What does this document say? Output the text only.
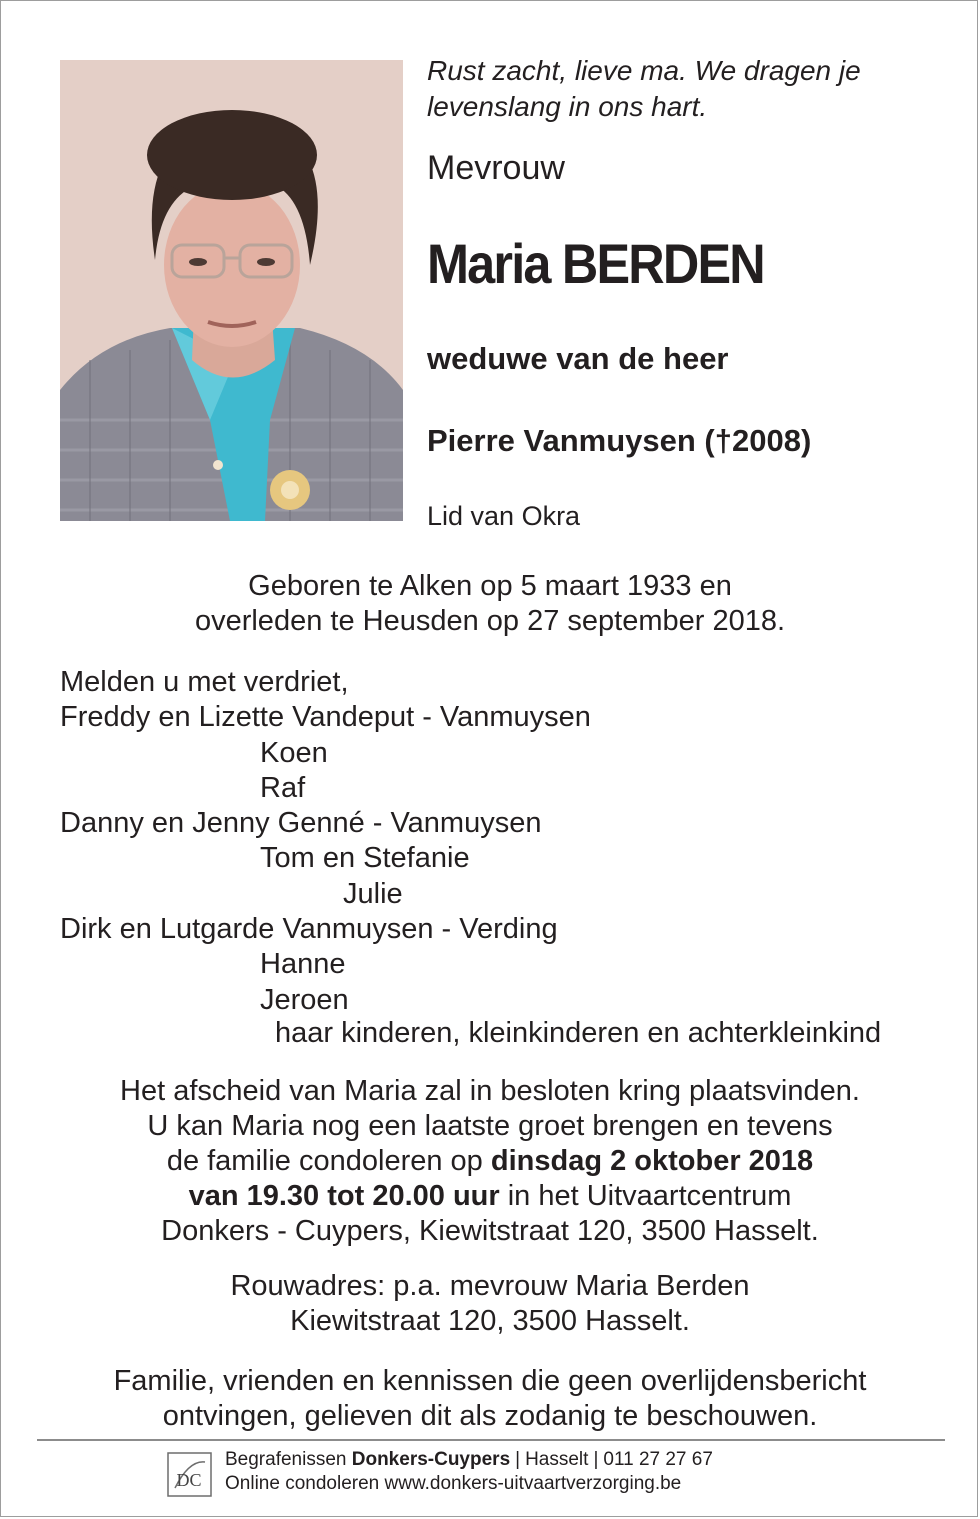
Rust zacht, lieve ma. We dragen je
levenslang in ons hart.

Mevrouw
Maria BERDEN
weduwe van de heer
Pierre Vanmuysen (†2008)
Lid van Okra
Geboren te Alken op 5 maart 1933 en
overleden te Heusden op 27 september 2018.
Melden u met verdriet,
Freddy en Lizette Vandeput - Vanmuysen
Koen
Raf
Danny en Jenny Genné - Vanmuysen
Tom en Stefanie
Julie
Dirk en Lutgarde Vanmuysen - Verding
Hanne
Jeroen
haar kinderen, kleinkinderen en achterkleinkind
Het afscheid van Maria zal in besloten kring plaatsvinden.
U kan Maria nog een laatste groet brengen en tevens
de familie condoleren op dinsdag 2 oktober 2018
van 19.30 tot 20.00 uur in het Uitvaartcentrum
Donkers - Cuypers, Kiewitstraat 120, 3500 Hasselt.
Rouwadres: p.a. mevrouw Maria Berden
Kiewitstraat 120, 3500 Hasselt.
Familie, vrienden en kennissen die geen overlijdensbericht
ontvingen, gelieven dit als zodanig te beschouwen.
DC
Begrafenissen Donkers-Cuypers | Hasselt | 011 27 27 67
Online condoleren www.donkers-uitvaartverzorging.be
